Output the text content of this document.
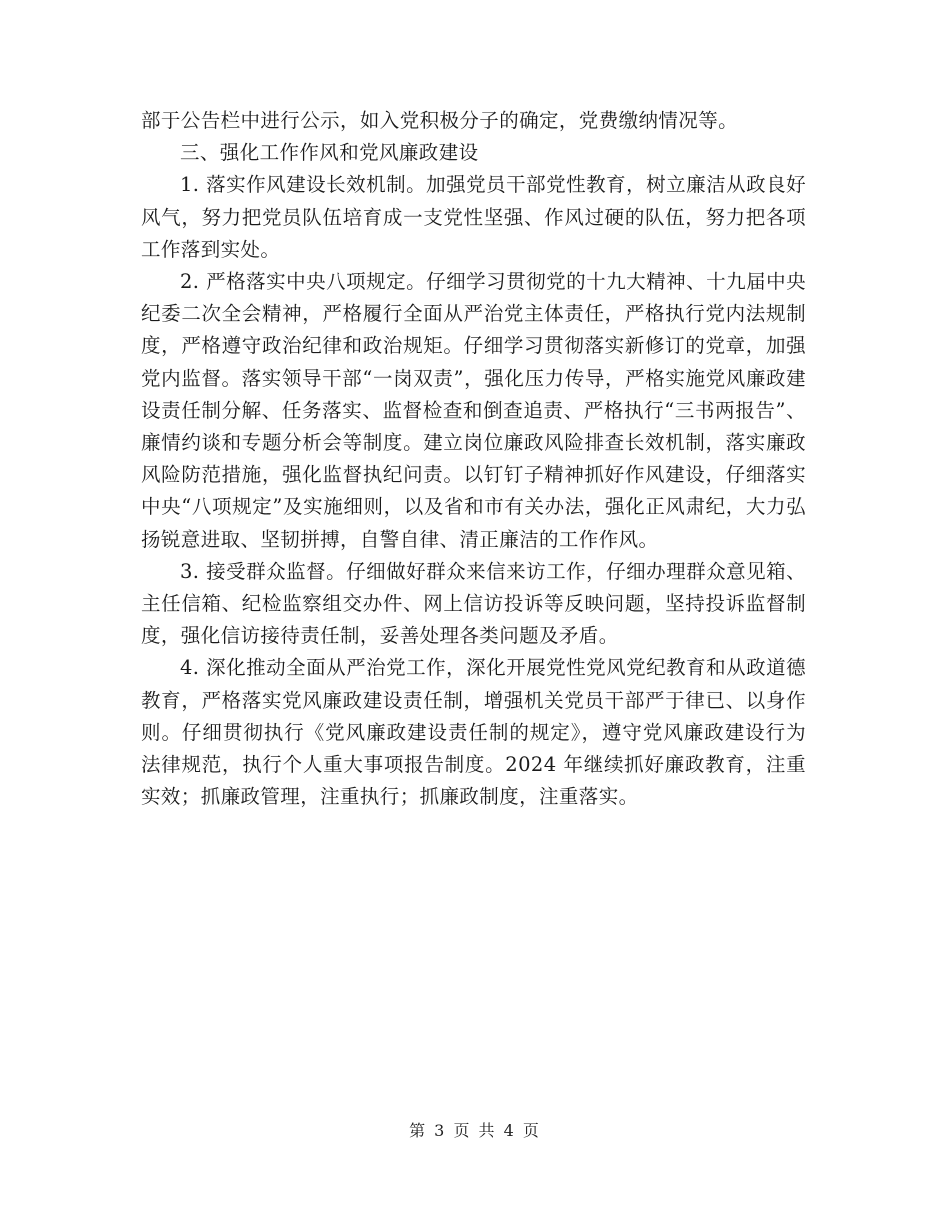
部于公告栏中进行公示，如入党积极分子的确定，党费缴纳情况等。

三、强化工作作风和党风廉政建设

1. 落实作风建设长效机制。加强党员干部党性教育，树立廉洁从政良好风气，努力把党员队伍培育成一支党性坚强、作风过硬的队伍，努力把各项工作落到实处。

2. 严格落实中央八项规定。仔细学习贯彻党的十九大精神、十九届中央纪委二次全会精神，严格履行全面从严治党主体责任，严格执行党内法规制度，严格遵守政治纪律和政治规矩。仔细学习贯彻落实新修订的党章，加强党内监督。落实领导干部“一岗双责”，强化压力传导，严格实施党风廉政建设责任制分解、任务落实、监督检查和倒查追责、严格执行“三书两报告”、廉情约谈和专题分析会等制度。建立岗位廉政风险排查长效机制，落实廉政风险防范措施，强化监督执纪问责。以钉钉子精神抓好作风建设，仔细落实中央“八项规定”及实施细则，以及省和市有关办法，强化正风肃纪，大力弘扬锐意进取、坚韧拼搏，自警自律、清正廉洁的工作作风。

3. 接受群众监督。仔细做好群众来信来访工作，仔细办理群众意见箱、主任信箱、纪检监察组交办件、网上信访投诉等反映问题，坚持投诉监督制度，强化信访接待责任制，妥善处理各类问题及矛盾。

4. 深化推动全面从严治党工作，深化开展党性党风党纪教育和从政道德教育，严格落实党风廉政建设责任制，增强机关党员干部严于律已、以身作则。仔细贯彻执行《党风廉政建设责任制的规定》，遵守党风廉政建设行为法律规范，执行个人重大事项报告制度。2024 年继续抓好廉政教育，注重实效；抓廉政管理，注重执行；抓廉政制度，注重落实。

第 3 页 共 4 页
